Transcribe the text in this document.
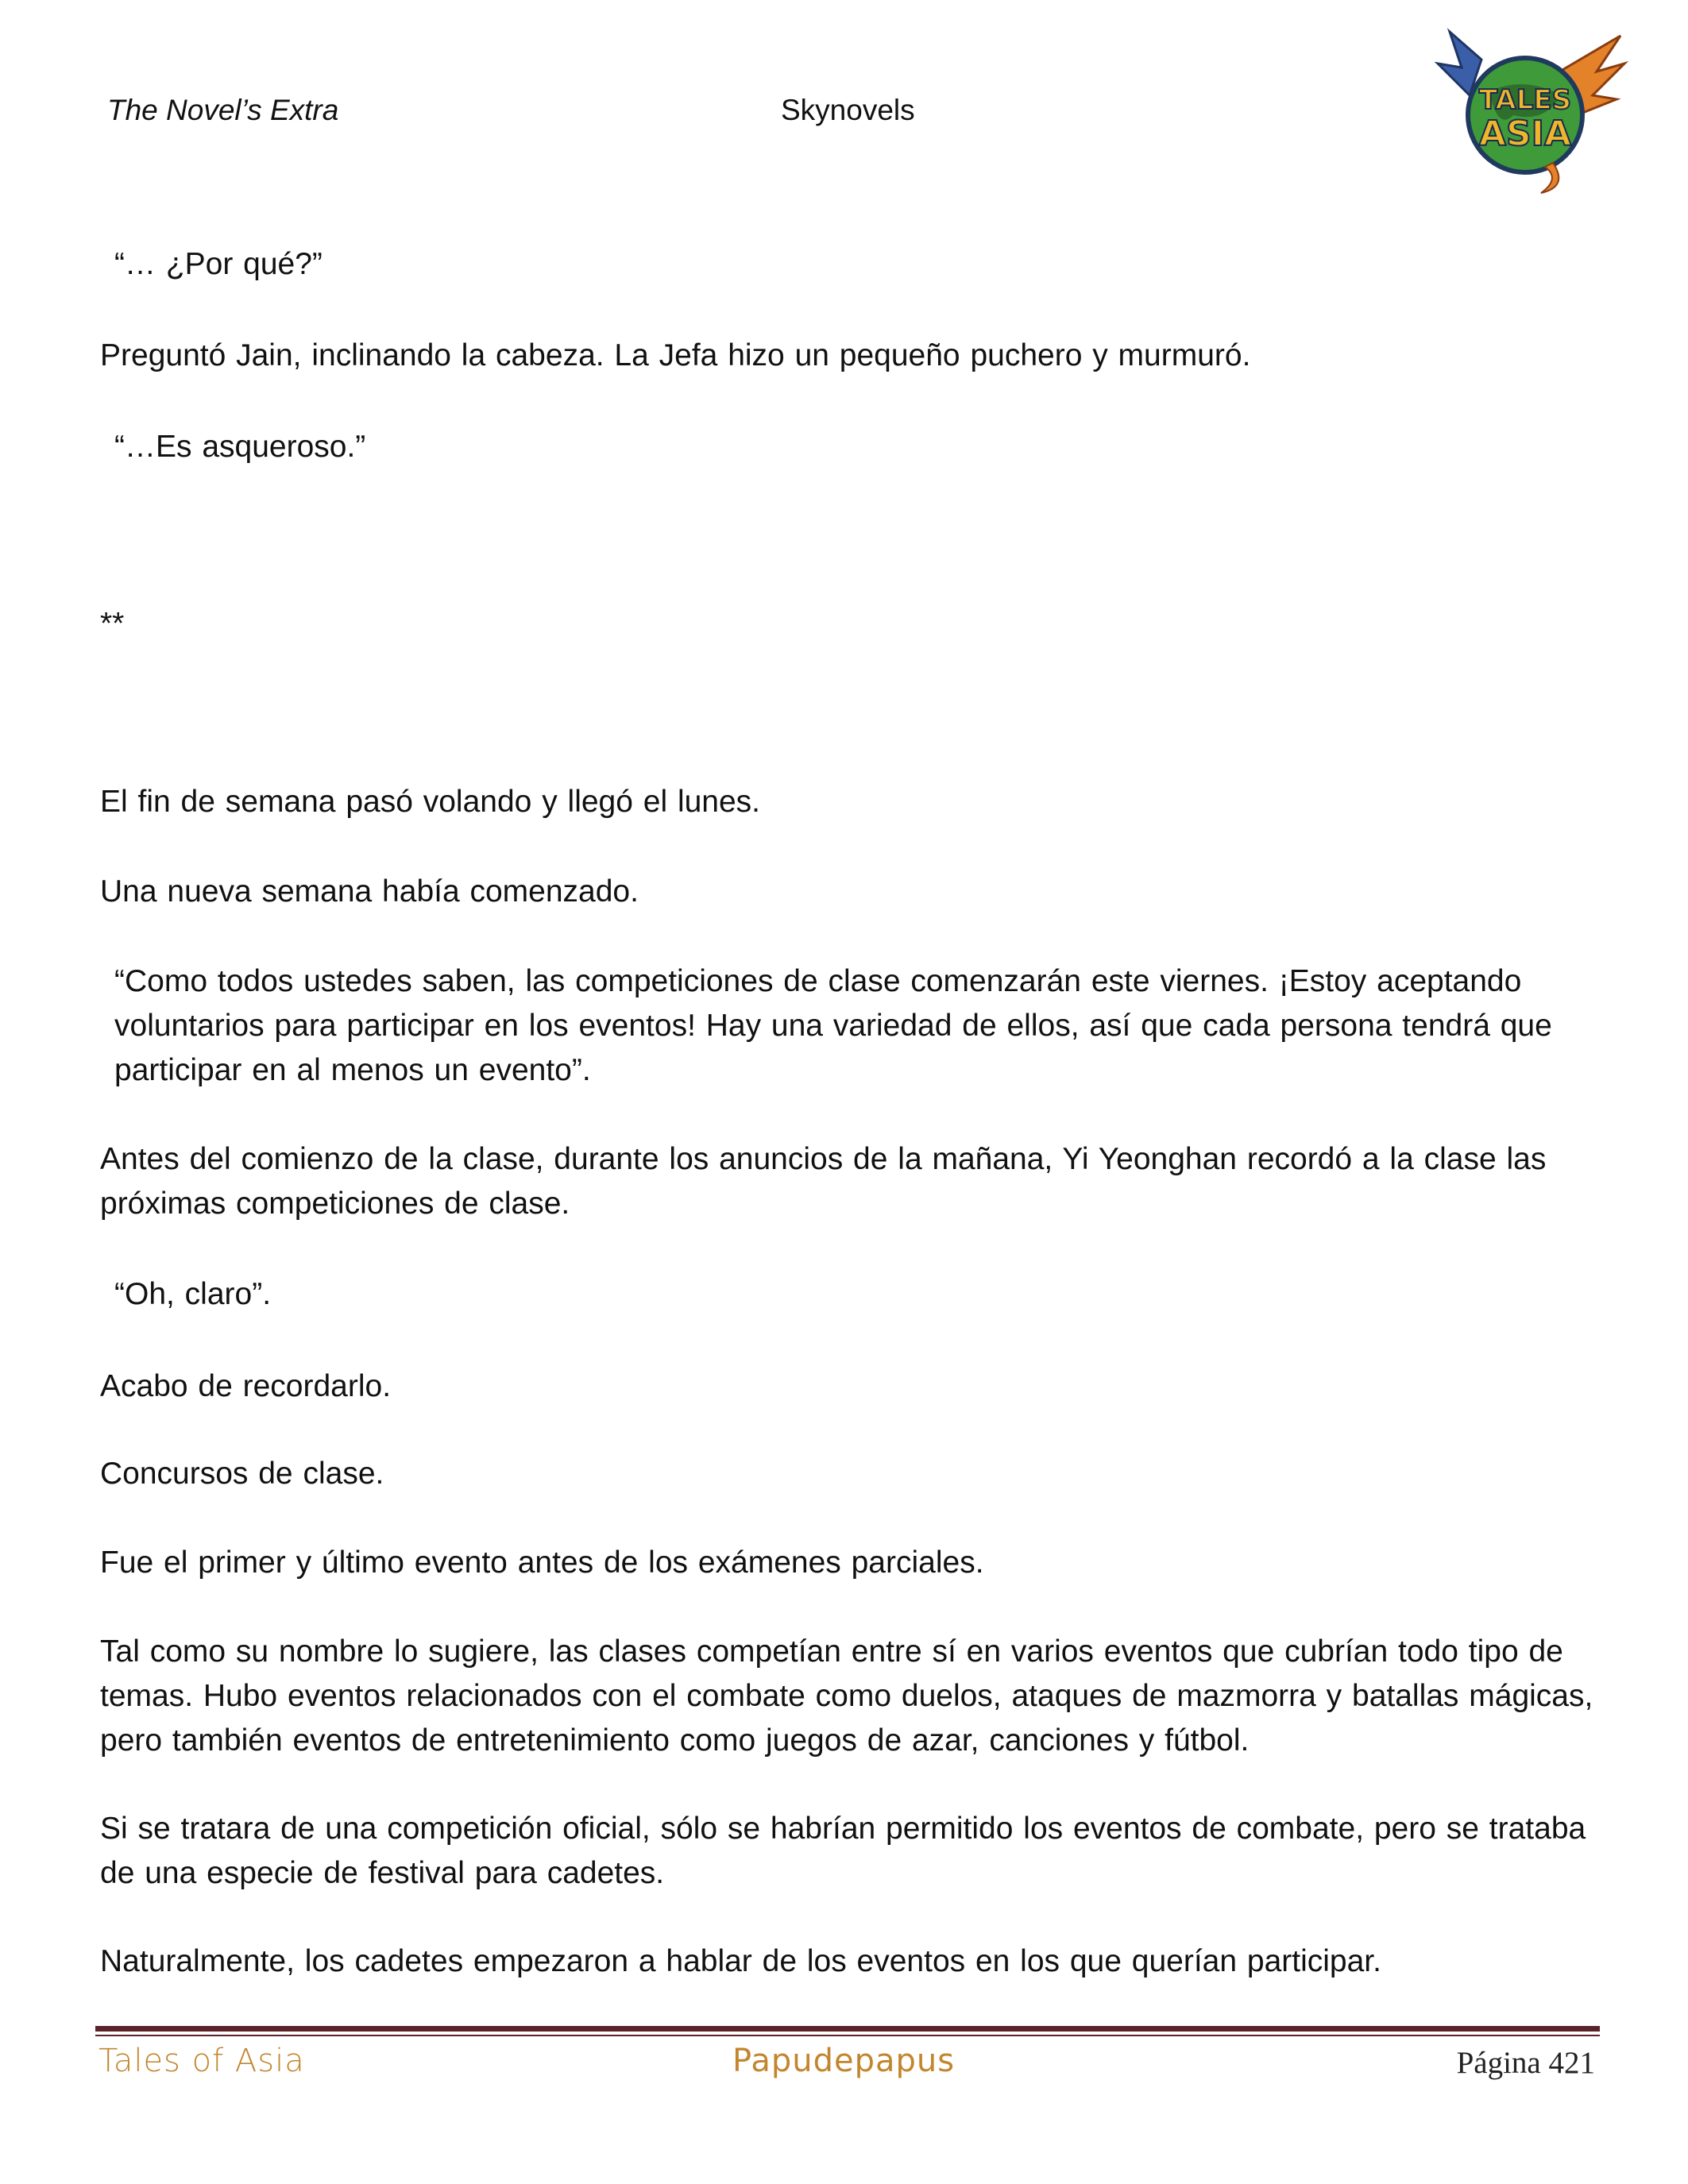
The Novel’s Extra	Skynovels	TALES
ASIA

“… ¿Por qué?”

Preguntó Jain, inclinando la cabeza. La Jefa hizo un pequeño puchero y murmuró.

“…Es asqueroso.”

**

El fin de semana pasó volando y llegó el lunes.

Una nueva semana había comenzado.

“Como todos ustedes saben, las competiciones de clase comenzarán este viernes. ¡Estoy aceptando voluntarios para participar en los eventos! Hay una variedad de ellos, así que cada persona tendrá que participar en al menos un evento”.

Antes del comienzo de la clase, durante los anuncios de la mañana, Yi Yeonghan recordó a la clase las próximas competiciones de clase.

“Oh, claro”.

Acabo de recordarlo.

Concursos de clase.

Fue el primer y último evento antes de los exámenes parciales.

Tal como su nombre lo sugiere, las clases competían entre sí en varios eventos que cubrían todo tipo de temas. Hubo eventos relacionados con el combate como duelos, ataques de mazmorra y batallas mágicas, pero también eventos de entretenimiento como juegos de azar, canciones y fútbol.

Si se tratara de una competición oficial, sólo se habrían permitido los eventos de combate, pero se trataba de una especie de festival para cadetes.

Naturalmente, los cadetes empezaron a hablar de los eventos en los que querían participar.

Tales of Asia	Papudepapus	Página 421
